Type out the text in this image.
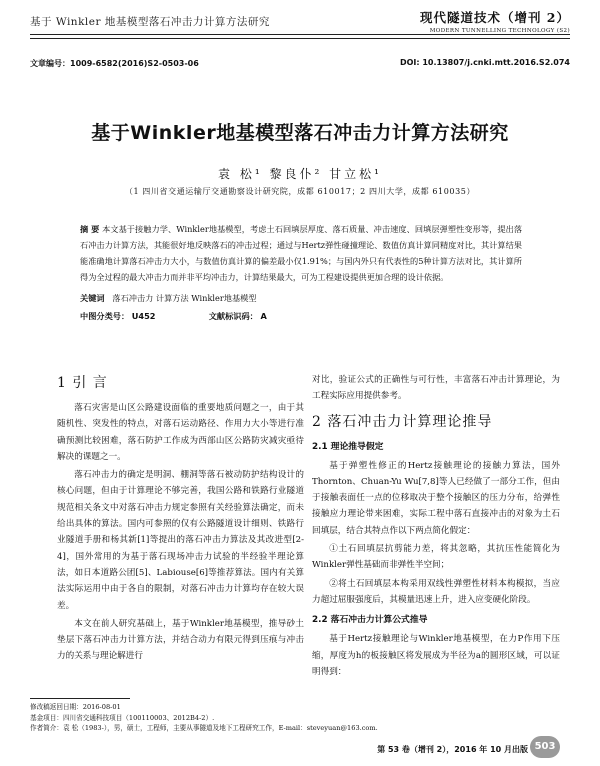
基于 Winkler 地基模型落石冲击力计算方法研究	现代隧道技术（增刊 2）
MODERN TUNNELLING TECHNOLOGY (S2)
文章编号：1009-6582(2016)S2-0503-06	DOI: 10.13807/j.cnki.mtt.2016.S2.074
基于Winkler地基模型落石冲击力计算方法研究
袁 松¹ 黎良仆² 甘立松¹
（1 四川省交通运输厅交通勘察设计研究院，成都 610017；2 四川大学，成都 610035）
摘 要 本文基于接触力学、Winkler地基模型，考虑土石回填层厚度、落石质量、冲击速度、回填层弹塑性变形等，提出落石冲击力计算方法，其能很好地反映落石的冲击过程；通过与Hertz弹性碰撞理论、数值仿真计算同精度对比，其计算结果能准确地计算落石冲击力大小，与数值仿真计算的偏差最小仅1.91%；与国内外只有代表性的5种计算方法对比，其计算所得为全过程的最大冲击力而并非平均冲击力，计算结果最大，可为工程建设提供更加合理的设计依据。
关键词 落石冲击力 计算方法 Winkler地基模型
中图分类号： U452	文献标识码： A
1 引 言

落石灾害是山区公路建设面临的重要地质问题之一，由于其随机性、突发性的特点，对落石运动路径、作用力大小等进行准确预测比较困难，落石防护工作成为西部山区公路防灾减灾亟待解决的课题之一。

落石冲击力的确定是明洞、棚洞等落石被动防护结构设计的核心问题，但由于计算理论不够完善，我国公路和铁路行业隧道规范相关条文中对落石冲击力规定参照有关经验算法确定，而未给出具体的算法。国内可参照的仅有公路隧道设计细则、铁路行业隧道手册和杨其新[1]等提出的落石冲击力算法及其改进型[2-4]，国外常用的为基于落石现场冲击力试验的半经验半理论算法，如日本道路公团[5]、Labiouse[6]等推荐算法。国内有关算法实际运用中由于各自的限制，对落石冲击力计算均存在较大误差。

本文在前人研究基础上，基于Winkler地基模型，推导砂土垫层下落石冲击力计算方法，并结合动力有限元得到压痕与冲击力的关系与理论解进行

对比，验证公式的正确性与可行性，丰富落石冲击计算理论，为工程实际应用提供参考。

2 落石冲击力计算理论推导
2.1 理论推导假定

基于弹塑性修正的Hertz接触理论的接触力算法，国外Thornton、Chuan-Yu Wu[7,8]等人已经做了一部分工作，但由于接触表面任一点的位移取决于整个接触区的压力分布，给弹性接触应力理论带来困难，实际工程中落石直接冲击的对象为土石回填层，结合其特点作以下两点简化假定：

①土石回填层抗剪能力差，将其忽略，其抗压性能简化为Winkler弹性基础而非弹性半空间；

②将土石回填层本构采用双线性弹塑性材料本构模拟，当应力超过屈服强度后，其模量迅速上升，进入应变硬化阶段。

2.2 落石冲击力计算公式推导

基于Hertz接触理论与Winkler地基模型，在力P作用下压缩，厚度为h的板接触区将发展成为半径为a的圆形区域，可以证明得到：

修改稿返回日期：2016-08-01
基金项目：四川省交通科技项目（100110003、2012B4-2）.
作者简介：袁 松（1983-），男，硕士，工程师，主要从事隧道及地下工程研究工作，E-mail：steveyuan@163.com.
第 53 卷（增刊 2），2016 年 10 月出版 503
